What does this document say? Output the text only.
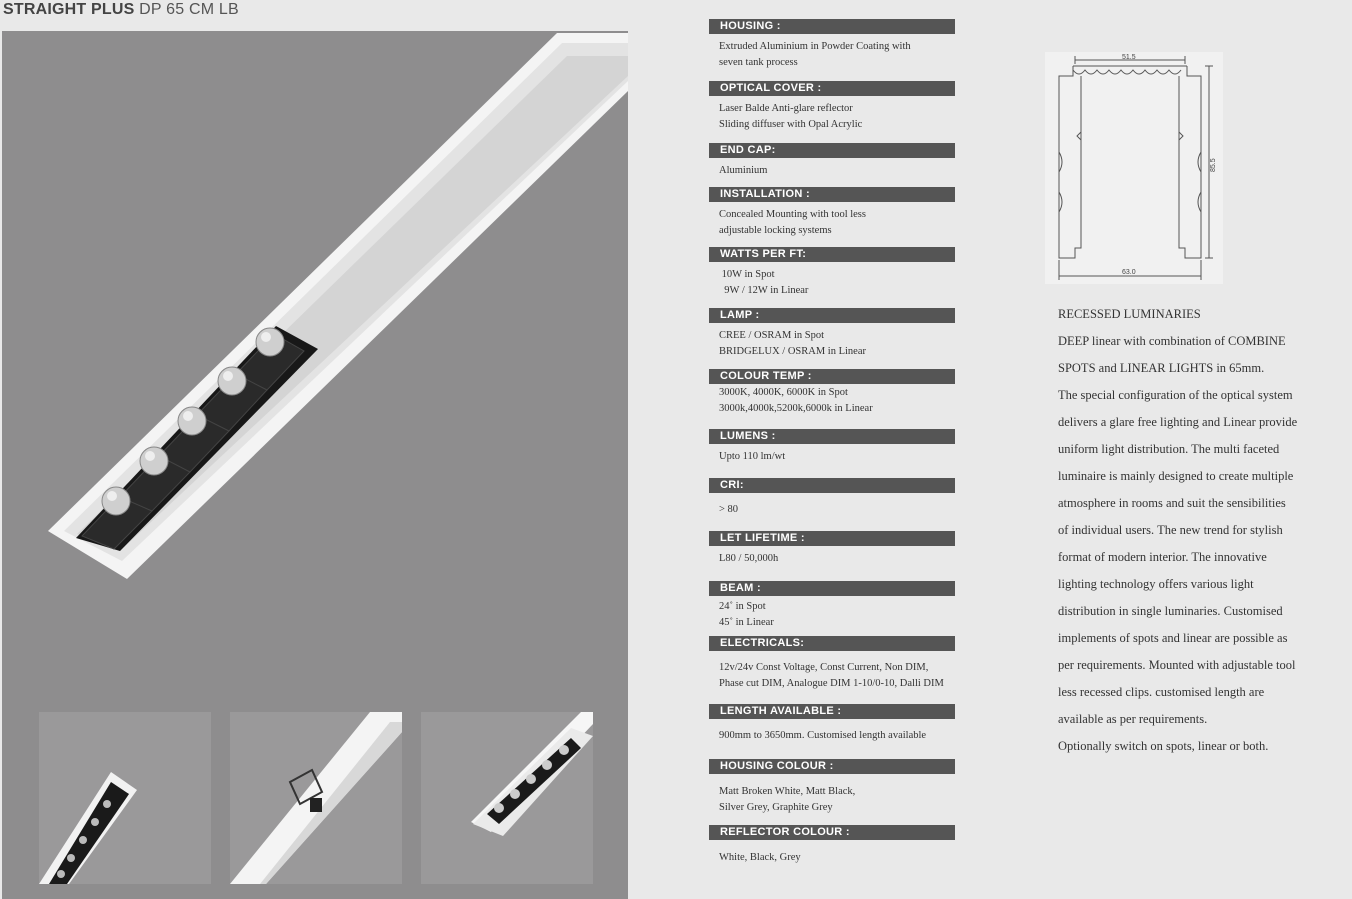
STRAIGHT PLUS DP 65 CM LB
HOUSING :
Extruded Aluminium in Powder Coating with
seven tank process
OPTICAL COVER :
Laser Balde Anti-glare reflector
Sliding diffuser with Opal Acrylic
END CAP:
Aluminium
INSTALLATION :
Concealed Mounting with tool less
adjustable locking systems
WATTS PER FT:
10W in Spot
9W / 12W in Linear
LAMP :
CREE / OSRAM in Spot
BRIDGELUX / OSRAM in Linear
COLOUR TEMP :
3000K, 4000K, 6000K in Spot
3000k,4000k,5200k,6000k in Linear
LUMENS :
Upto 110 lm/wt
CRI:
> 80
LET LIFETIME :
L80 / 50,000h
BEAM :
24˚ in Spot
45˚ in Linear
ELECTRICALS:
12v/24v Const Voltage, Const Current, Non DIM,
Phase cut DIM, Analogue DIM 1-10/0-10, Dalli DIM
LENGTH AVAILABLE :
900mm to 3650mm. Customised length available
HOUSING COLOUR :
Matt Broken White, Matt Black,
Silver Grey, Graphite Grey
REFLECTOR COLOUR :
White, Black, Grey
51.5
85.5
63.0

RECESSED LUMINARIES

DEEP linear with combination of COMBINE

SPOTS and LINEAR LIGHTS in 65mm.

The special configuration of the optical system

delivers a glare free lighting and Linear provide

uniform light distribution. The multi faceted

luminaire is mainly designed to create multiple

atmosphere in rooms and suit the sensibilities

of individual users. The new trend for stylish

format of modern interior. The innovative

lighting technology offers various light

distribution in single luminaries. Customised

implements of spots and linear are possible as

per requirements. Mounted with adjustable tool

less recessed clips. customised length are

available as per requirements.

Optionally switch on spots, linear or both.
